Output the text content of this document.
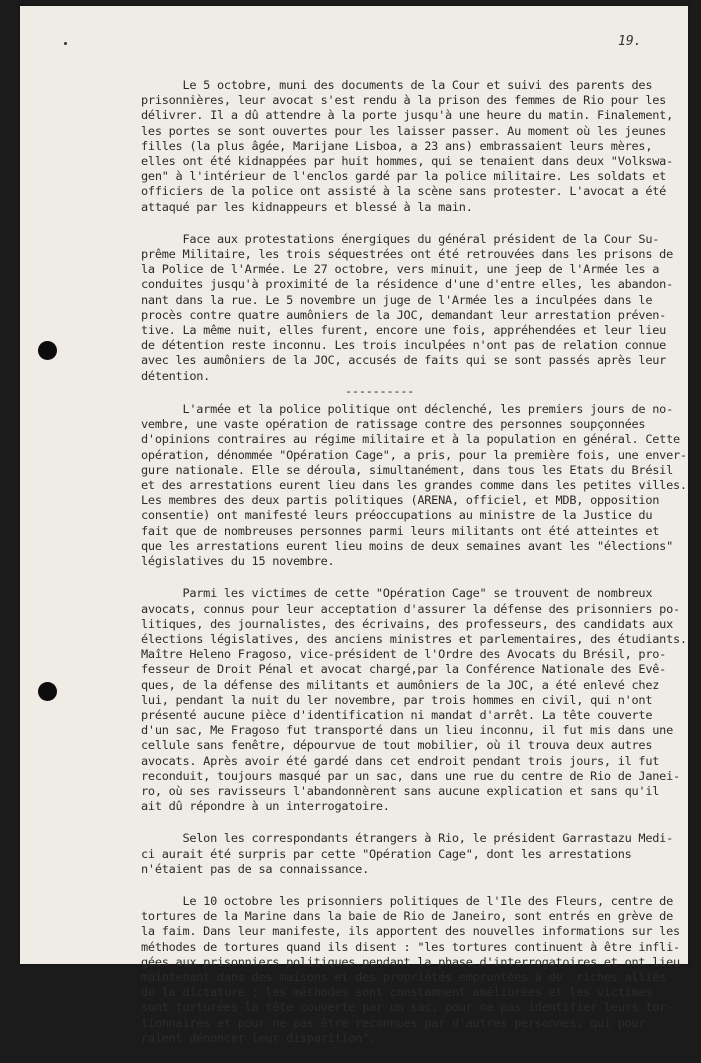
19.
Le 5 octobre, muni des documents de la Cour et suivi des parents des
prisonnières, leur avocat s'est rendu à la prison des femmes de Rio pour les
délivrer. Il a dû attendre à la porte jusqu'à une heure du matin. Finalement,
les portes se sont ouvertes pour les laisser passer. Au moment où les jeunes
filles (la plus âgée, Marijane Lisboa, a 23 ans) embrassaient leurs mères,
elles ont été kidnappées par huit hommes, qui se tenaient dans deux "Volkswa-
gen" à l'intérieur de l'enclos gardé par la police militaire. Les soldats et
officiers de la police ont assisté à la scène sans protester. L'avocat a été
attaqué par les kidnappeurs et blessé à la main.
Face aux protestations énergiques du général président de la Cour Su-
prême Militaire, les trois séquestrées ont été retrouvées dans les prisons de
la Police de l'Armée. Le 27 octobre, vers minuit, une jeep de l'Armée les a
conduites jusqu'à proximité de la résidence d'une d'entre elles, les abandon-
nant dans la rue. Le 5 novembre un juge de l'Armée les a inculpées dans le
procès contre quatre aumôniers de la JOC, demandant leur arrestation préven-
tive. La même nuit, elles furent, encore une fois, appréhendées et leur lieu
de détention reste inconnu. Les trois inculpées n'ont pas de relation connue
avec les aumôniers de la JOC, accusés de faits qui se sont passés après leur
détention.
----------
L'armée et la police politique ont déclenché, les premiers jours de no-
vembre, une vaste opération de ratissage contre des personnes soupçonnées
d'opinions contraires au régime militaire et à la population en général. Cette
opération, dénommée "Opération Cage", a pris, pour la première fois, une enver-
gure nationale. Elle se déroula, simultanément, dans tous les Etats du Brésil
et des arrestations eurent lieu dans les grandes comme dans les petites villes.
Les membres des deux partis politiques (ARENA, officiel, et MDB, opposition
consentie) ont manifesté leurs préoccupations au ministre de la Justice du
fait que de nombreuses personnes parmi leurs militants ont été atteintes et
que les arrestations eurent lieu moins de deux semaines avant les "élections"
législatives du 15 novembre.
Parmi les victimes de cette "Opération Cage" se trouvent de nombreux
avocats, connus pour leur acceptation d'assurer la défense des prisonniers po-
litiques, des journalistes, des écrivains, des professeurs, des candidats aux
élections législatives, des anciens ministres et parlementaires, des étudiants.
Maître Heleno Fragoso, vice-président de l'Ordre des Avocats du Brésil, pro-
fesseur de Droit Pénal et avocat chargé,par la Conférence Nationale des Evê-
ques, de la défense des militants et aumôniers de la JOC, a été enlevé chez
lui, pendant la nuit du ler novembre, par trois hommes en civil, qui n'ont
présenté aucune pièce d'identification ni mandat d'arrêt. La tête couverte
d'un sac, Me Fragoso fut transporté dans un lieu inconnu, il fut mis dans une
cellule sans fenêtre, dépourvue de tout mobilier, où il trouva deux autres
avocats. Après avoir été gardé dans cet endroit pendant trois jours, il fut
reconduit, toujours masqué par un sac, dans une rue du centre de Rio de Janei-
ro, où ses ravisseurs l'abandonnèrent sans aucune explication et sans qu'il
ait dû répondre à un interrogatoire.
Selon les correspondants étrangers à Rio, le président Garrastazu Medi-
ci aurait été surpris par cette "Opération Cage", dont les arrestations
n'étaient pas de sa connaissance.
Le 10 octobre les prisonniers politiques de l'Ile des Fleurs, centre de
tortures de la Marine dans la baie de Rio de Janeiro, sont entrés en grève de
la faim. Dans leur manifeste, ils apportent des nouvelles informations sur les
méthodes de tortures quand ils disent : "les tortures continuent à être infli-
gées aux prisonniers politiques pendant la phase d'interrogatoires et ont lieu
maintenant dans des maisons et des propriétés empruntées à de  riches alliés
de la dictature ; les méthodes sont constamment améliorées et les victimes
sont torturées la tête couverte par un sac, pour ne pas identifier leurs tor-
tionnaires et pour ne pas être reconnues par d'autres personnes, qui pour-
raient dénoncer leur disparition".
